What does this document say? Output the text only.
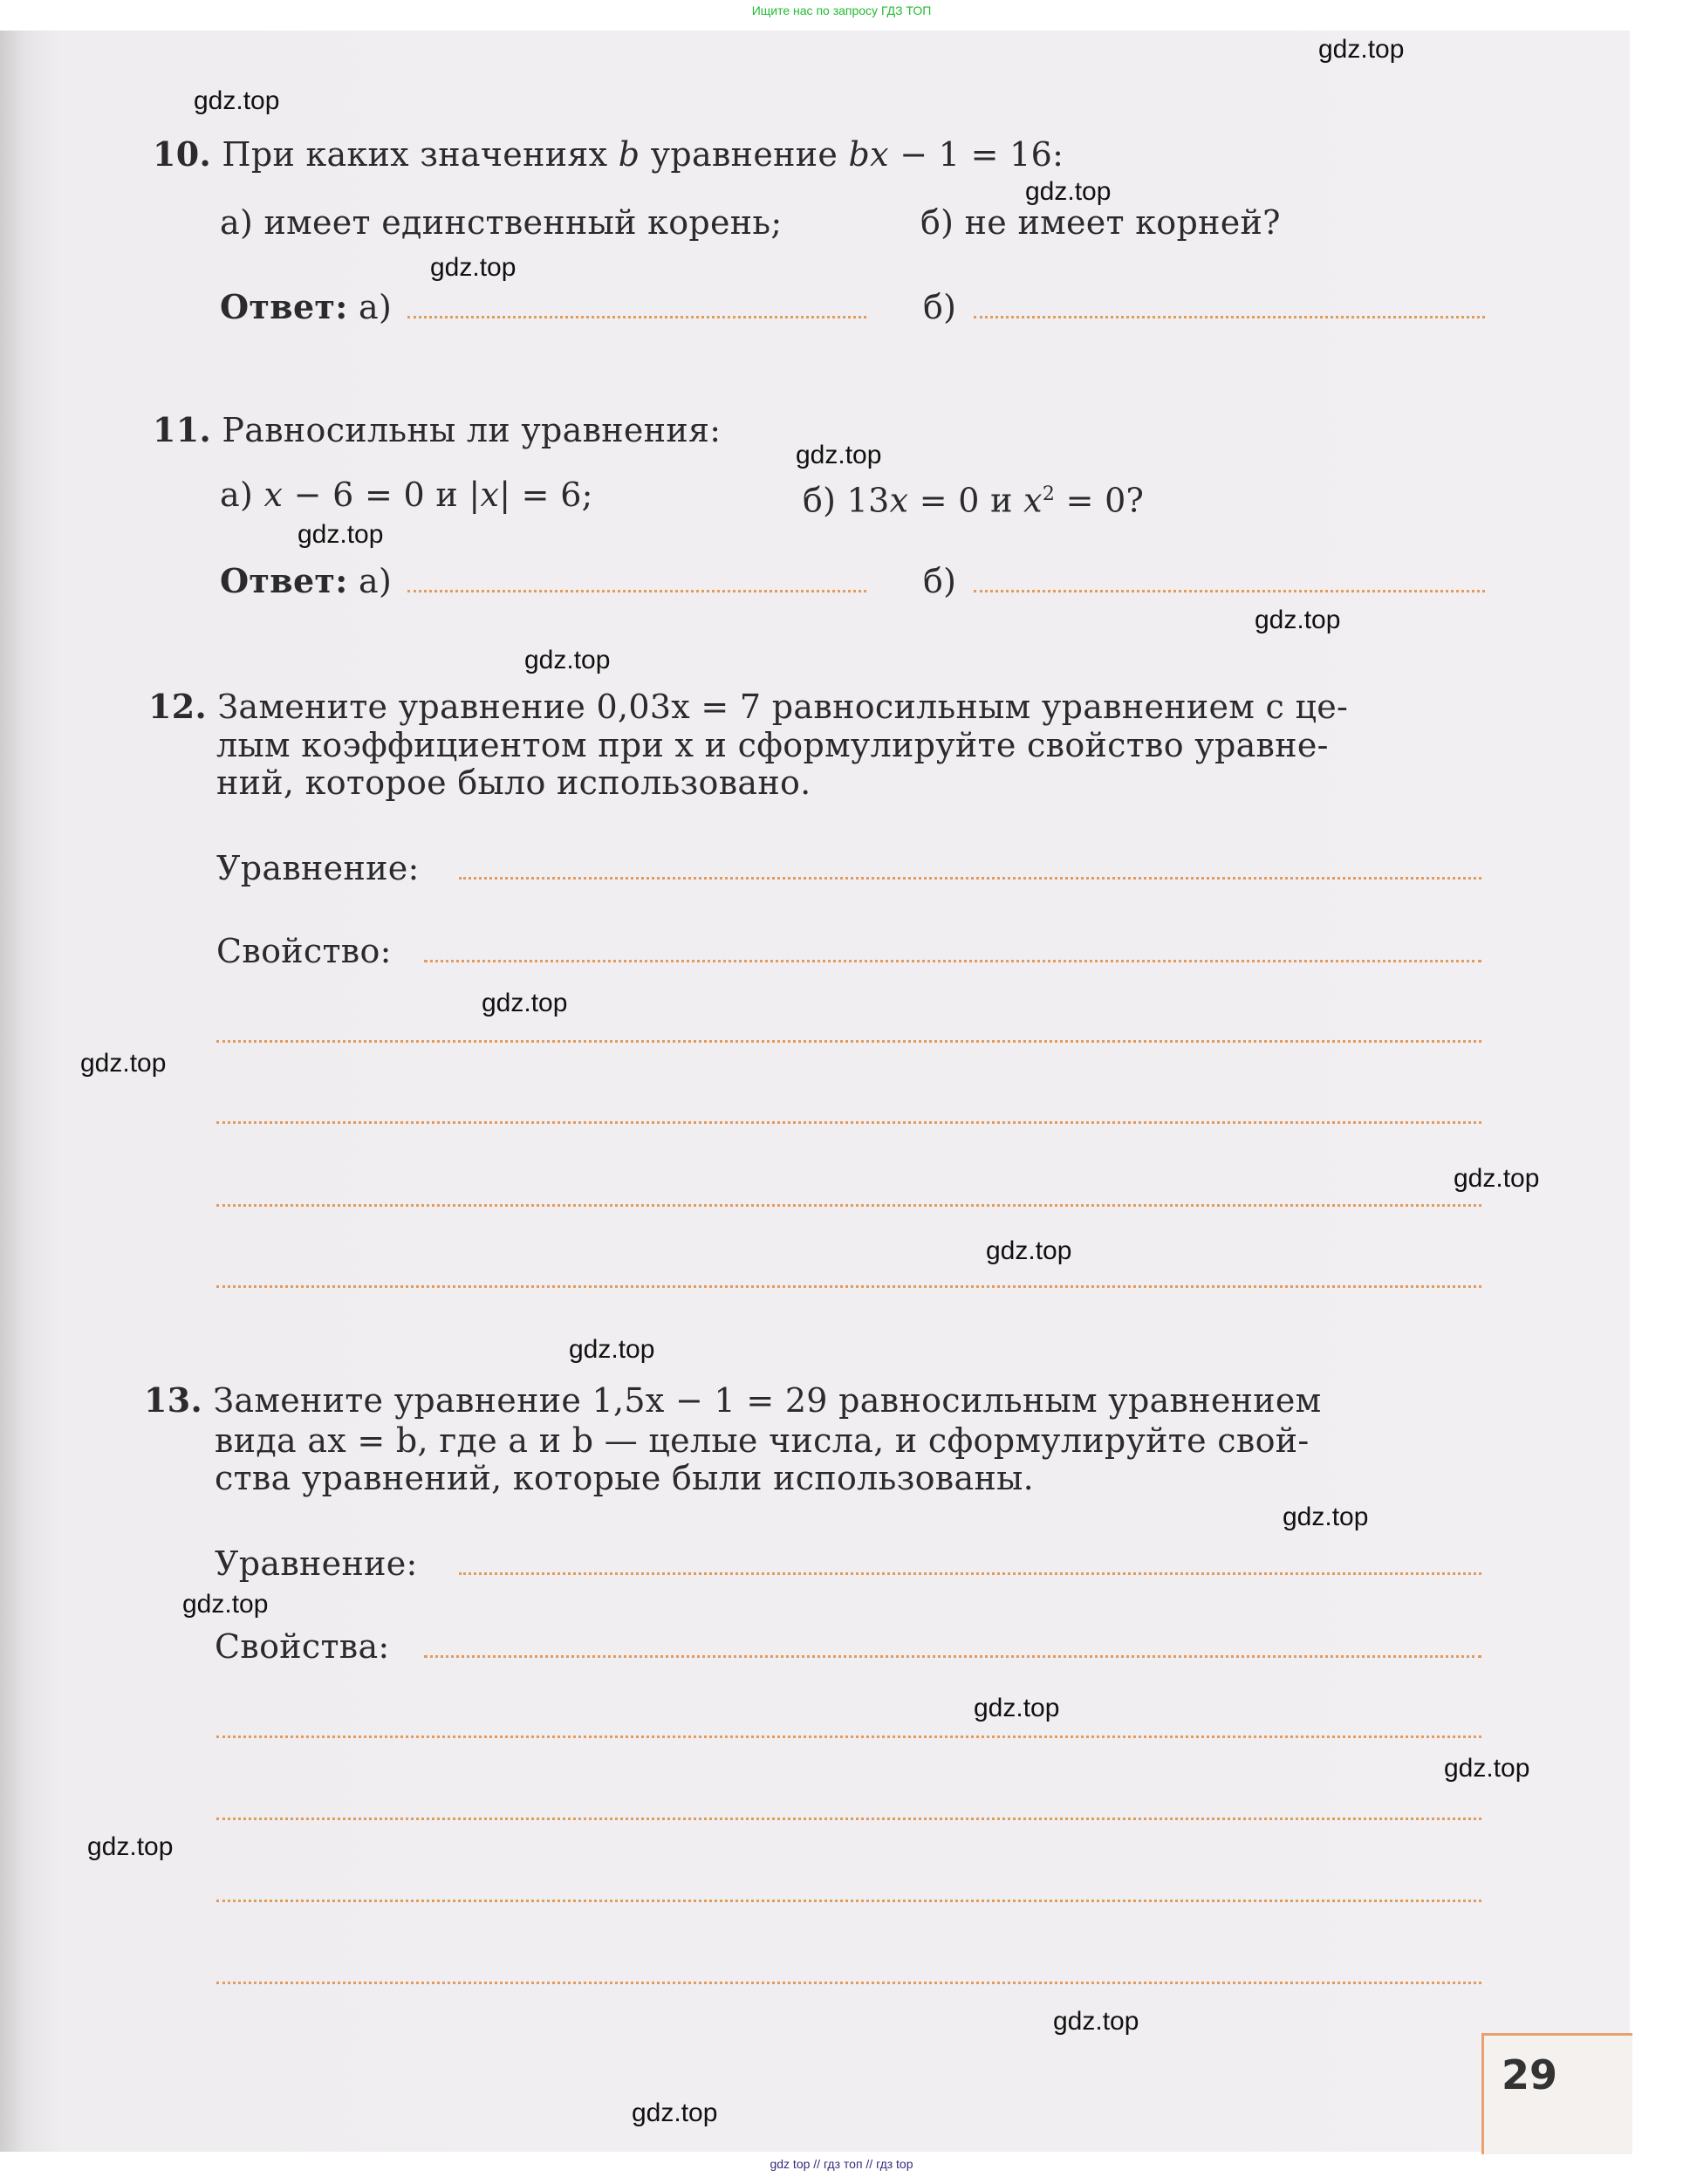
Ищите нас по запросу ГДЗ ТОП
10. При каких значениях b уравнение bx − 1 = 16:
а) имеет единственный корень;	б) не имеет корней?
Ответ: а)	б)
11. Равносильны ли уравнения:
а) x − 6 = 0 и |x| = 6;	б) 13x = 0 и $x^2 = 0$?
Ответ: а)	б)
12. Замените уравнение 0,03x = 7 равносильным уравнением с це-
лым коэффициентом при x и сформулируйте свойство уравне-
ний, которое было использовано.
Уравнение:
Свойство:
13. Замените уравнение 1,5x − 1 = 29 равносильным уравнением
вида ax = b, где a и b — целые числа, и сформулируйте свой-
ства уравнений, которые были использованы.
Уравнение:
Свойства:
29
gdz.top
gdz.top
gdz.top
gdz.top
gdz.top
gdz.top
gdz.top
gdz.top
gdz.top
gdz.top
gdz.top
gdz.top
gdz.top
gdz.top
gdz.top
gdz.top
gdz.top
gdz.top
gdz.top
gdz.top
gdz top // гдз топ // гдз top
